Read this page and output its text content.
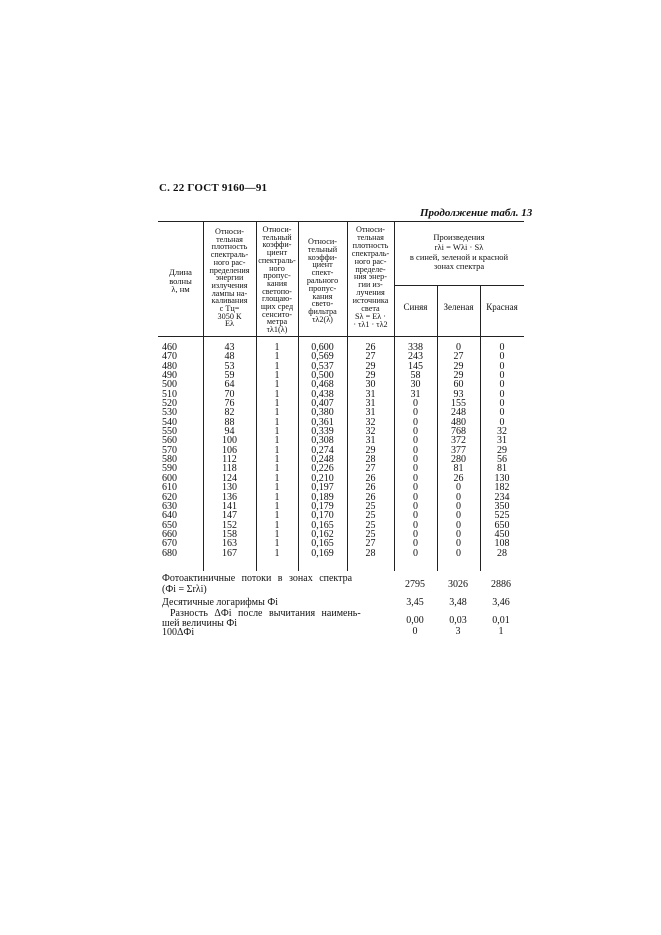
С. 22 ГОСТ 9160—91
Продолжение табл. 13
Длина
волны
λ, нм
Относи-
тельная
плотность
спектраль-
ного рас-
пределения
энергии
излучения
лампы на-
каливания
с Tц=
3050 К
Eλ
Относи-
тельный
коэффи-
циент
спектраль-
ного
пропус-
кания
светопо-
глощаю-
щих сред
сенсито-
метра
τλ1(λ)
Относи-
тельный
коэффи-
циент
спект-
рального
пропус-
кания
свето-
фильтра
τλ2(λ)
Относи-
тельная
плотность
спектраль-
ного рас-
пределе-
ния энер-
гии из-
лучения
источника
света
Sλ = Eλ ·
· τλ1 · τλ2
Произведения
rλi = Wλi · Sλ
в синей, зеленой и красной
зонах спектра
Синяя	Зеленая	Красная
460	43	1	0,600	26	338	0	0
470	48	1	0,569	27	243	27	0
480	53	1	0,537	29	145	29	0
490	59	1	0,500	29	58	29	0
500	64	1	0,468	30	30	60	0
510	70	1	0,438	31	31	93	0
520	76	1	0,407	31	0	155	0
530	82	1	0,380	31	0	248	0
540	88	1	0,361	32	0	480	0
550	94	1	0,339	32	0	768	32
560	100	1	0,308	31	0	372	31
570	106	1	0,274	29	0	377	29
580	112	1	0,248	28	0	280	56
590	118	1	0,226	27	0	81	81
600	124	1	0,210	26	0	26	130
610	130	1	0,197	26	0	0	182
620	136	1	0,189	26	0	0	234
630	141	1	0,179	25	0	0	350
640	147	1	0,170	25	0	0	525
650	152	1	0,165	25	0	0	650
660	158	1	0,162	25	0	0	450
670	163	1	0,165	27	0	0	108
680	167	1	0,169	28	0	0	28
Фотоактиничные потоки в зонах спектра
(Фi = Σrλi)	2795	3026	2886
Десятичные логарифмы Фi	3,45	3,48	3,46
Разность ΔФi после вычитания наимень-
шей величины Фi	0,00	0,03	0,01
100ΔФi	0	3	1
